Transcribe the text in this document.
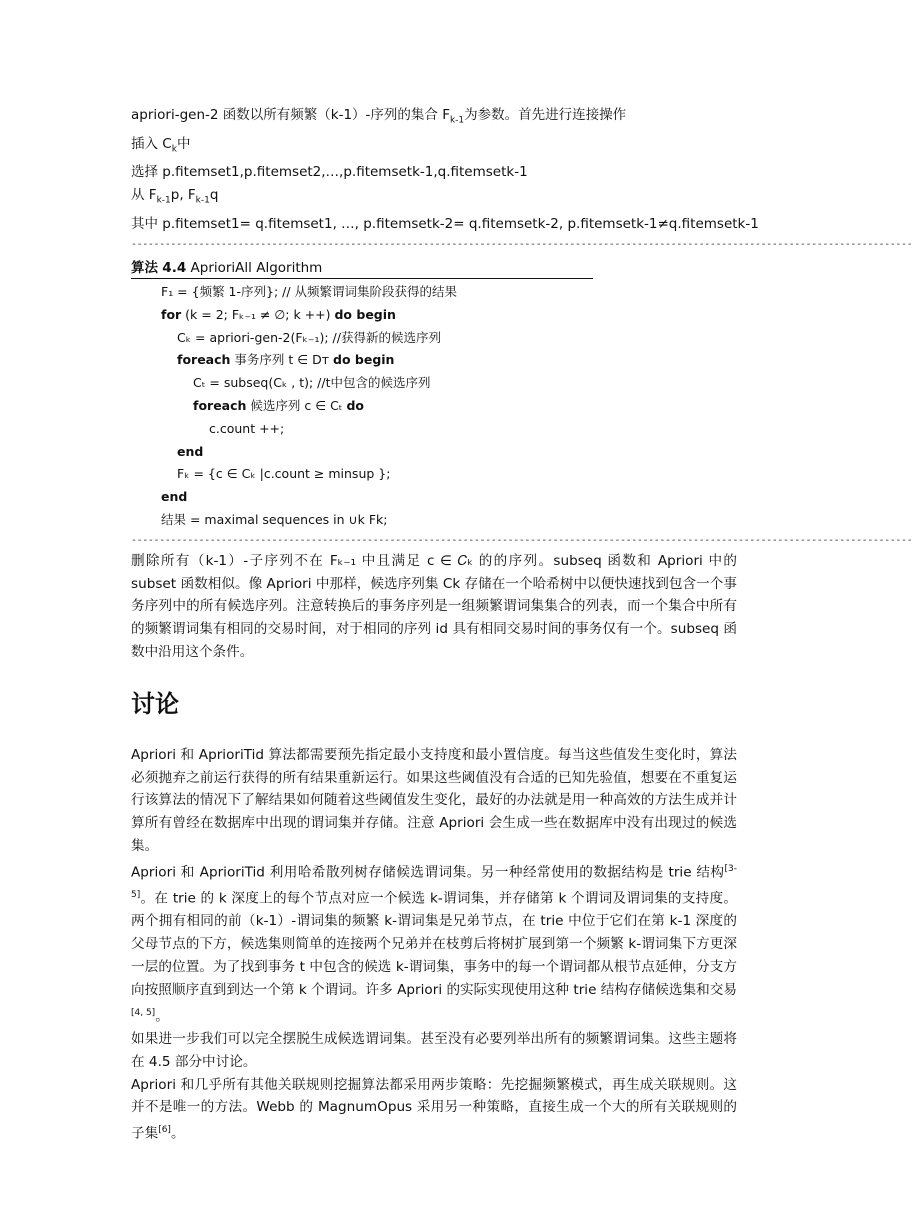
apriori-gen-2 函数以所有频繁（k-1）-序列的集合 $F_{k-1}$为参数。首先进行连接操作
插入 $C_k$中
选择 p.fitemset1,p.fitemset2,…,p.fitemsetk-1,q.fitemsetk-1
从 $F_{k-1}p$, $F_{k-1}q$
其中 p.fitemset1= q.fitemset1, …, p.fitemsetk-2= q.fitemsetk-2, p.fitemsetk-1≠q.fitemsetk-1
-------------------------------------------------------------------------------------------------------------------------------------------
算法 4.4 AprioriAll Algorithm
F₁ = {频繁 1-序列}; // 从频繁谓词集阶段获得的结果
for (k = 2; Fₖ₋₁ ≠ ∅; k ++) do begin
Cₖ = apriori-gen-2(Fₖ₋₁); //获得新的候选序列
foreach 事务序列 t ∈ Dᴛ do begin
Cₜ = subseq(Cₖ , t); //t中包含的候选序列
foreach 候选序列 c ∈ Cₜ do
c.count ++;
end
Fₖ = {c ∈ Cₖ |c.count ≥ minsup };
end
结果 = maximal sequences in ∪k Fk;
-------------------------------------------------------------------------------------------------------------------------------------------
删除所有（k-1）-子序列不在 Fₖ₋₁ 中且满足 c ∈ 𝐶ₖ 的的序列。subseq 函数和 Apriori 中的 subset 函数相似。像 Apriori 中那样，候选序列集 Ck 存储在一个哈希树中以便快速找到包含一个事务序列中的所有候选序列。注意转换后的事务序列是一组频繁谓词集集合的列表，而一个集合中所有的频繁谓词集有相同的交易时间，对于相同的序列 id 具有相同交易时间的事务仅有一个。subseq 函数中沿用这个条件。
讨论
Apriori 和 AprioriTid 算法都需要预先指定最小支持度和最小置信度。每当这些值发生变化时，算法必须抛弃之前运行获得的所有结果重新运行。如果这些阈值没有合适的已知先验值，想要在不重复运行该算法的情况下了解结果如何随着这些阈值发生变化，最好的办法就是用一种高效的方法生成并计算所有曾经在数据库中出现的谓词集并存储。注意 Apriori 会生成一些在数据库中没有出现过的候选集。
Apriori 和 AprioriTid 利用哈希散列树存储候选谓词集。另一种经常使用的数据结构是 trie 结构[3-5]。在 trie 的 k 深度上的每个节点对应一个候选 k-谓词集，并存储第 k 个谓词及谓词集的支持度。两个拥有相同的前（k-1）-谓词集的频繁 k-谓词集是兄弟节点，在 trie 中位于它们在第 k-1 深度的父母节点的下方，候选集则简单的连接两个兄弟并在枝剪后将树扩展到第一个频繁 k-谓词集下方更深一层的位置。为了找到事务 t 中包含的候选 k-谓词集，事务中的每一个谓词都从根节点延伸，分支方向按照顺序直到到达一个第 k 个谓词。许多 Apriori 的实际实现使用这种 trie 结构存储候选集和交易[4, 5]。
如果进一步我们可以完全摆脱生成候选谓词集。甚至没有必要列举出所有的频繁谓词集。这些主题将在 4.5 部分中讨论。
Apriori 和几乎所有其他关联规则挖掘算法都采用两步策略：先挖掘频繁模式，再生成关联规则。这并不是唯一的方法。Webb 的 MagnumOpus 采用另一种策略，直接生成一个大的所有关联规则的子集[6]。
